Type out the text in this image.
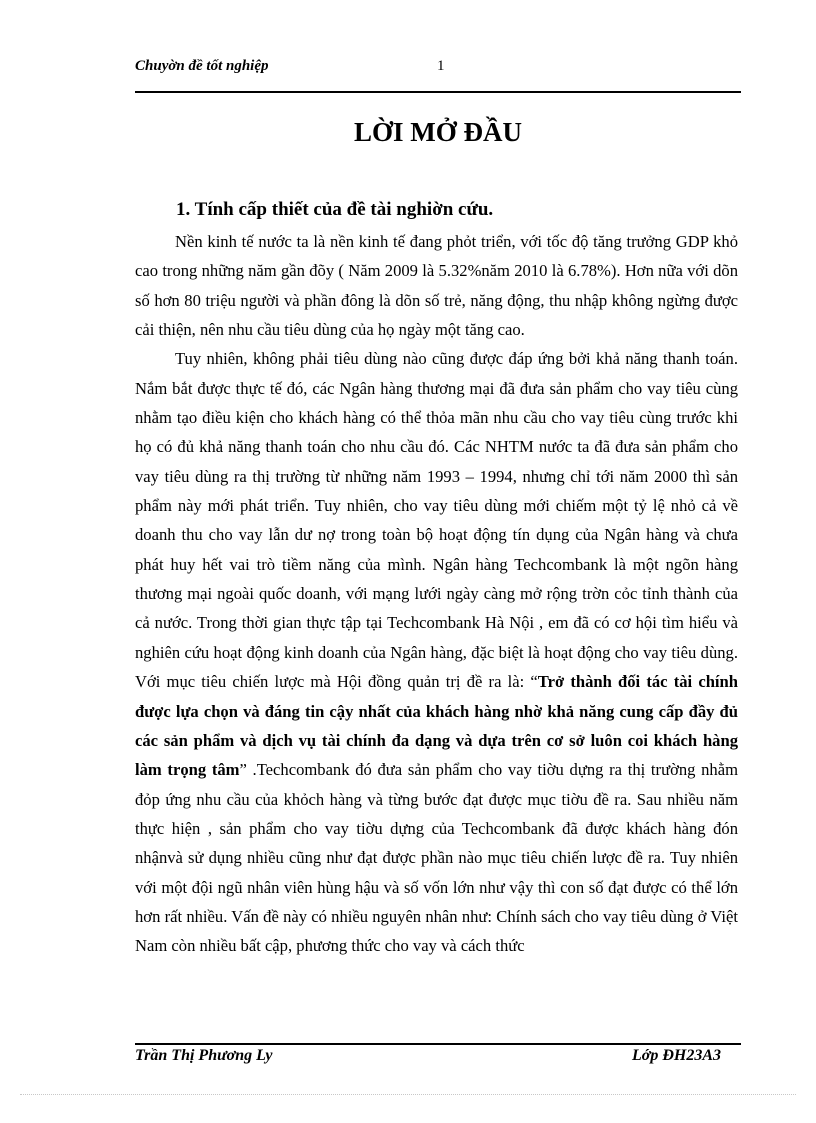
Chuyờn đề tốt nghiệp	1
LỜI MỞ ĐẦU
1. Tính cấp thiết của đề tài nghiờn cứu.

Nền kinh tế nước ta là nền kinh tế đang phỏt triển, với tốc độ tăng trưởng GDP khỏ cao trong những năm gần đõy ( Năm 2009 là 5.32%năm 2010 là 6.78%). Hơn nữa với dõn số hơn 80 triệu người và phần đông là dõn số trẻ, năng động, thu nhập không ngừng được cải thiện, nên nhu cầu tiêu dùng của họ ngày một tăng cao.

Tuy nhiên, không phải tiêu dùng nào cũng được đáp ứng bởi khả năng thanh toán. Nắm bắt được thực tế đó, các Ngân hàng thương mại đã đưa sản phẩm cho vay tiêu cùng nhằm tạo điều kiện cho khách hàng có thể thỏa mãn nhu cầu cho vay tiêu cùng trước khi họ có đủ khả năng thanh toán cho nhu cầu đó. Các NHTM nước ta đã đưa sản phẩm cho vay tiêu dùng ra thị trường từ những năm 1993 – 1994, nhưng chỉ tới năm 2000 thì sản phẩm này mới phát triển. Tuy nhiên, cho vay tiêu dùng mới chiếm một tỷ lệ nhỏ cả về doanh thu cho vay lẫn dư nợ trong toàn bộ hoạt động tín dụng của Ngân hàng và chưa phát huy hết vai trò tiềm năng của mình. Ngân hàng Techcombank là một ngõn hàng thương mại ngoài quốc doanh, với mạng lưới ngày càng mở rộng trờn cỏc tỉnh thành của cả nước. Trong thời gian thực tập tại Techcombank Hà Nội , em đã có cơ hội tìm hiểu và nghiên cứu hoạt động kinh doanh của Ngân hàng, đặc biệt là hoạt động cho vay tiêu dùng. Với mục tiêu chiến lược mà Hội đồng quản trị đề ra là: “Trở thành đối tác tài chính được lựa chọn và đáng tin cậy nhất của khách hàng nhờ khả năng cung cấp đầy đủ các sản phẩm và dịch vụ tài chính đa dạng và dựa trên cơ sở luôn coi khách hàng làm trọng tâm” .Techcombank đó đưa sản phẩm cho vay tiờu dựng ra thị trường nhằm đỏp ứng nhu cầu của khỏch hàng và từng bước đạt được mục tiờu đề ra. Sau nhiều năm thực hiện , sản phẩm cho vay tiờu dựng của Techcombank đã được khách hàng đón nhậnvà sử dụng nhiều cũng như đạt được phần nào mục tiêu chiến lược đề ra. Tuy nhiên với một đội ngũ nhân viên hùng hậu và số vốn lớn như vậy thì con số đạt được có thể lớn hơn rất nhiều. Vấn đề này có nhiều nguyên nhân như: Chính sách cho vay tiêu dùng ở Việt Nam còn nhiều bất cập, phương thức cho vay và cách thức

Trần Thị Phương Ly	Lớp ĐH23A3
